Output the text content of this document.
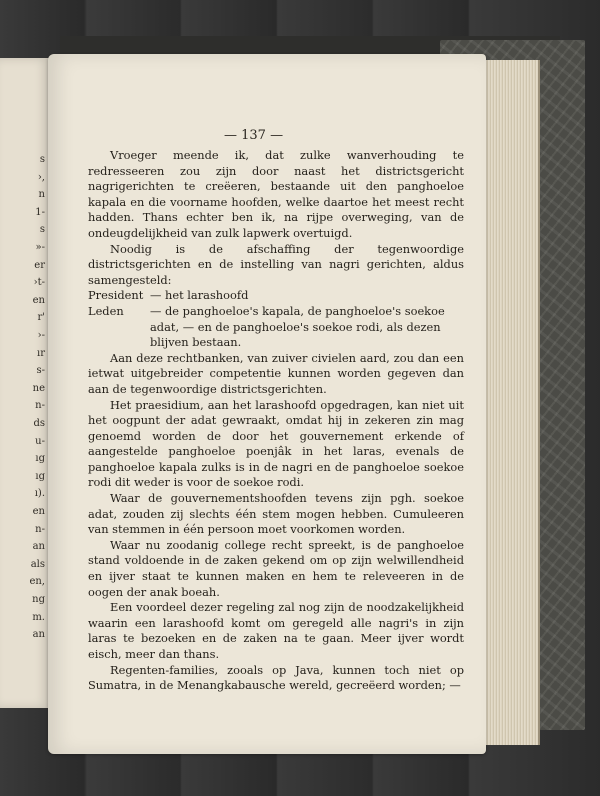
s
›,
n
1-
s
»-
er
›t-
en
r'
›-
ır
s-
ne
n-
ds
u-
ıg
ıg
ı).
en
n-
an
als
en,
ng
m.
an
— 137 —

Vroeger meende ik, dat zulke wanverhouding te redresseeren zou zijn door naast het districtsgericht nagrigerichten te creëeren, bestaande uit den panghoeloe kapala en die voorname hoofden, welke daartoe het meest recht hadden. Thans echter ben ik, na rijpe overweging, van de ondeugdelijkheid van zulk lapwerk overtuigd.

Noodig is de afschaffing der tegenwoordige districtsgerichten en de instelling van nagri gerichten, aldus samengesteld:

President — het larashoofd
Leden	— de panghoeloe's kapala, de panghoeloe's soekoe adat, — en de panghoeloe's soekoe rodi, als dezen blijven bestaan.

Aan deze rechtbanken, van zuiver civielen aard, zou dan een ietwat uitgebreider competentie kunnen worden gegeven dan aan de tegenwoordige districtsgerichten.

Het praesidium, aan het larashoofd opgedragen, kan niet uit het oogpunt der adat gewraakt, omdat hij in zekeren zin mag genoemd worden de door het gouvernement erkende of aangestelde panghoeloe poenjâk in het laras, evenals de panghoeloe kapala zulks is in de nagri en de panghoeloe soekoe rodi dit weder is voor de soekoe rodi.

Waar de gouvernementshoofden tevens zijn pgh. soekoe adat, zouden zij slechts één stem mogen hebben. Cumuleeren van stemmen in één persoon moet voorkomen worden.

Waar nu zoodanig college recht spreekt, is de panghoeloe stand voldoende in de zaken gekend om op zijn welwillendheid en ijver staat te kunnen maken en hem te releveeren in de oogen der anak boeah.

Een voordeel dezer regeling zal nog zijn de noodzakelijkheid waarin een larashoofd komt om geregeld alle nagri's in zijn laras te bezoeken en de zaken na te gaan. Meer ijver wordt eisch, meer dan thans.

Regenten-families, zooals op Java, kunnen toch niet op Sumatra, in de Menangkabausche wereld, gecreëerd worden; —
